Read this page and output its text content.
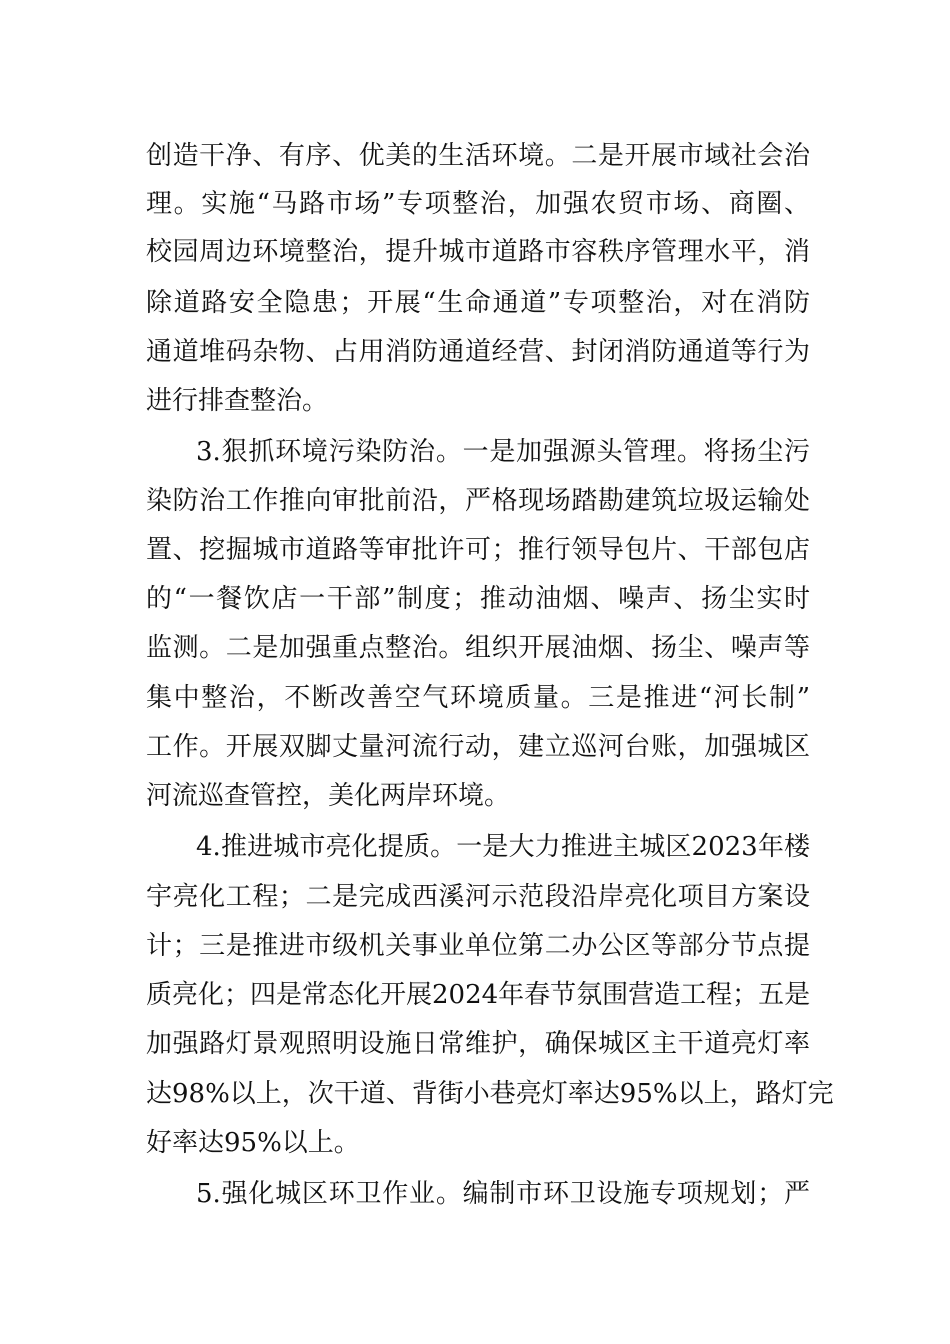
创造干净、有序、优美的生活环境。二是开展市域社会治
理。实施“马路市场”专项整治，加强农贸市场、商圈、
校园周边环境整治，提升城市道路市容秩序管理水平，消
除道路安全隐患；开展“生命通道”专项整治，对在消防
通道堆码杂物、占用消防通道经营、封闭消防通道等行为
进行排查整治。
3.狠抓环境污染防治。一是加强源头管理。将扬尘污
染防治工作推向审批前沿，严格现场踏勘建筑垃圾运输处
置、挖掘城市道路等审批许可；推行领导包片、干部包店
的“一餐饮店一干部”制度；推动油烟、噪声、扬尘实时
监测。二是加强重点整治。组织开展油烟、扬尘、噪声等
集中整治，不断改善空气环境质量。三是推进“河长制”
工作。开展双脚丈量河流行动，建立巡河台账，加强城区
河流巡查管控，美化两岸环境。
4.推进城市亮化提质。一是大力推进主城区2023年楼
宇亮化工程；二是完成西溪河示范段沿岸亮化项目方案设
计；三是推进市级机关事业单位第二办公区等部分节点提
质亮化；四是常态化开展2024年春节氛围营造工程；五是
加强路灯景观照明设施日常维护，确保城区主干道亮灯率
达98%以上，次干道、背街小巷亮灯率达95%以上，路灯完
好率达95%以上。
5.强化城区环卫作业。编制市环卫设施专项规划；严
